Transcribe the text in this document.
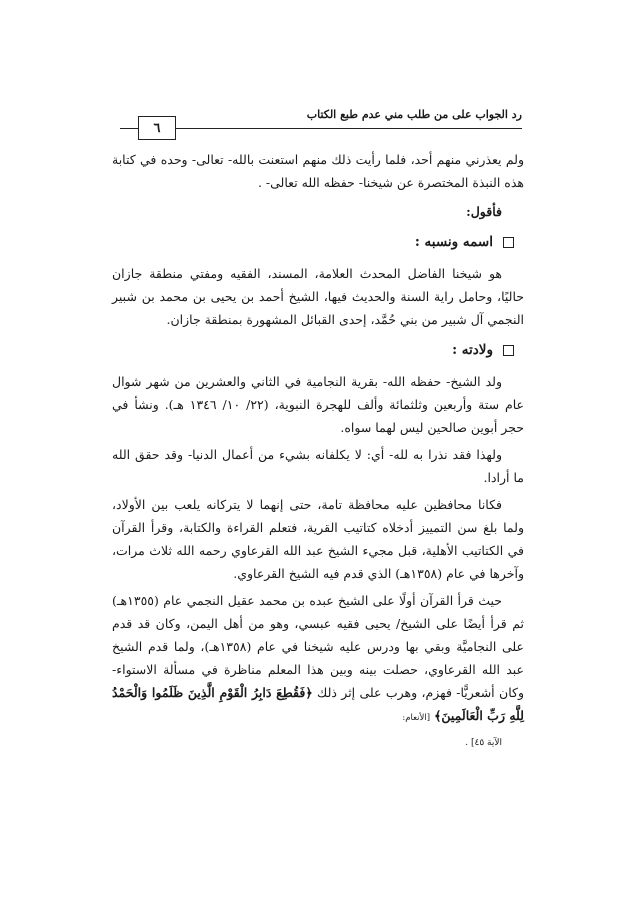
رد الجواب على من طلب مني عدم طبع الكتاب
٦

ولم يعذرني منهم أحد، فلما رأيت ذلك منهم استعنت بالله- تعالى- وحده في كتابة هذه النبذة المختصرة عن شيخنا- حفظه الله تعالى- .

فأقول:

اسمه ونسبه :

هو شيخنا الفاضل المحدث العلامة، المسند، الفقيه ومفتي منطقة جازان حاليًا، وحامل راية السنة والحديث فيها، الشيخ أحمد بن يحيى بن محمد بن شبير النجمي آل شبير من بني حُمَّد، إحدى القبائل المشهورة بمنطقة جازان.

ولادته :

ولد الشيخ- حفظه الله- بقرية النجامية في الثاني والعشرين من شهر شوال عام ستة وأربعين وثلثمائة وألف للهجرة النبوية، (٢٢/ ١٠/ ١٣٤٦ هـ). ونشأ في حجر أبوين صالحين ليس لهما سواه.

ولهذا فقد نذرا به لله- أي: لا يكلفانه بشيء من أعمال الدنيا- وقد حقق الله ما أرادا.

فكانا محافظين عليه محافظة تامة، حتى إنهما لا يتركانه يلعب بين الأولاد، ولما بلغ سن التمييز أدخلاه كتاتيب القرية، فتعلم القراءة والكتابة، وقرأ القرآن في الكتاتيب الأهلية، قبل مجيء الشيخ عبد الله القرعاوي رحمه الله ثلاث مرات، وآخرها في عام (١٣٥٨هـ) الذي قدم فيه الشيخ القرعاوي.

حيث قرأ القرآن أولًا على الشيخ عبده بن محمد عقيل النجمي عام (١٣٥٥هـ) ثم قرأ أيضًا على الشيخ/ يحيى فقيه عبسي، وهو من أهل اليمن، وكان قد قدم على النجاميَّة وبقي بها ودرس عليه شيخنا في عام (١٣٥٨هـ)، ولما قدم الشيخ عبد الله القرعاوي، حصلت بينه وبين هذا المعلم مناظرة في مسألة الاستواء- وكان أشعريًّا- فهزم، وهرب على إثر ذلك ﴿فَقُطِعَ دَابِرُ الْقَوْمِ الَّذِينَ ظَلَمُوا وَالْحَمْدُ لِلَّهِ رَبِّ الْعَالَمِينَ﴾ [الأنعام:
الآية ٤٥] .
